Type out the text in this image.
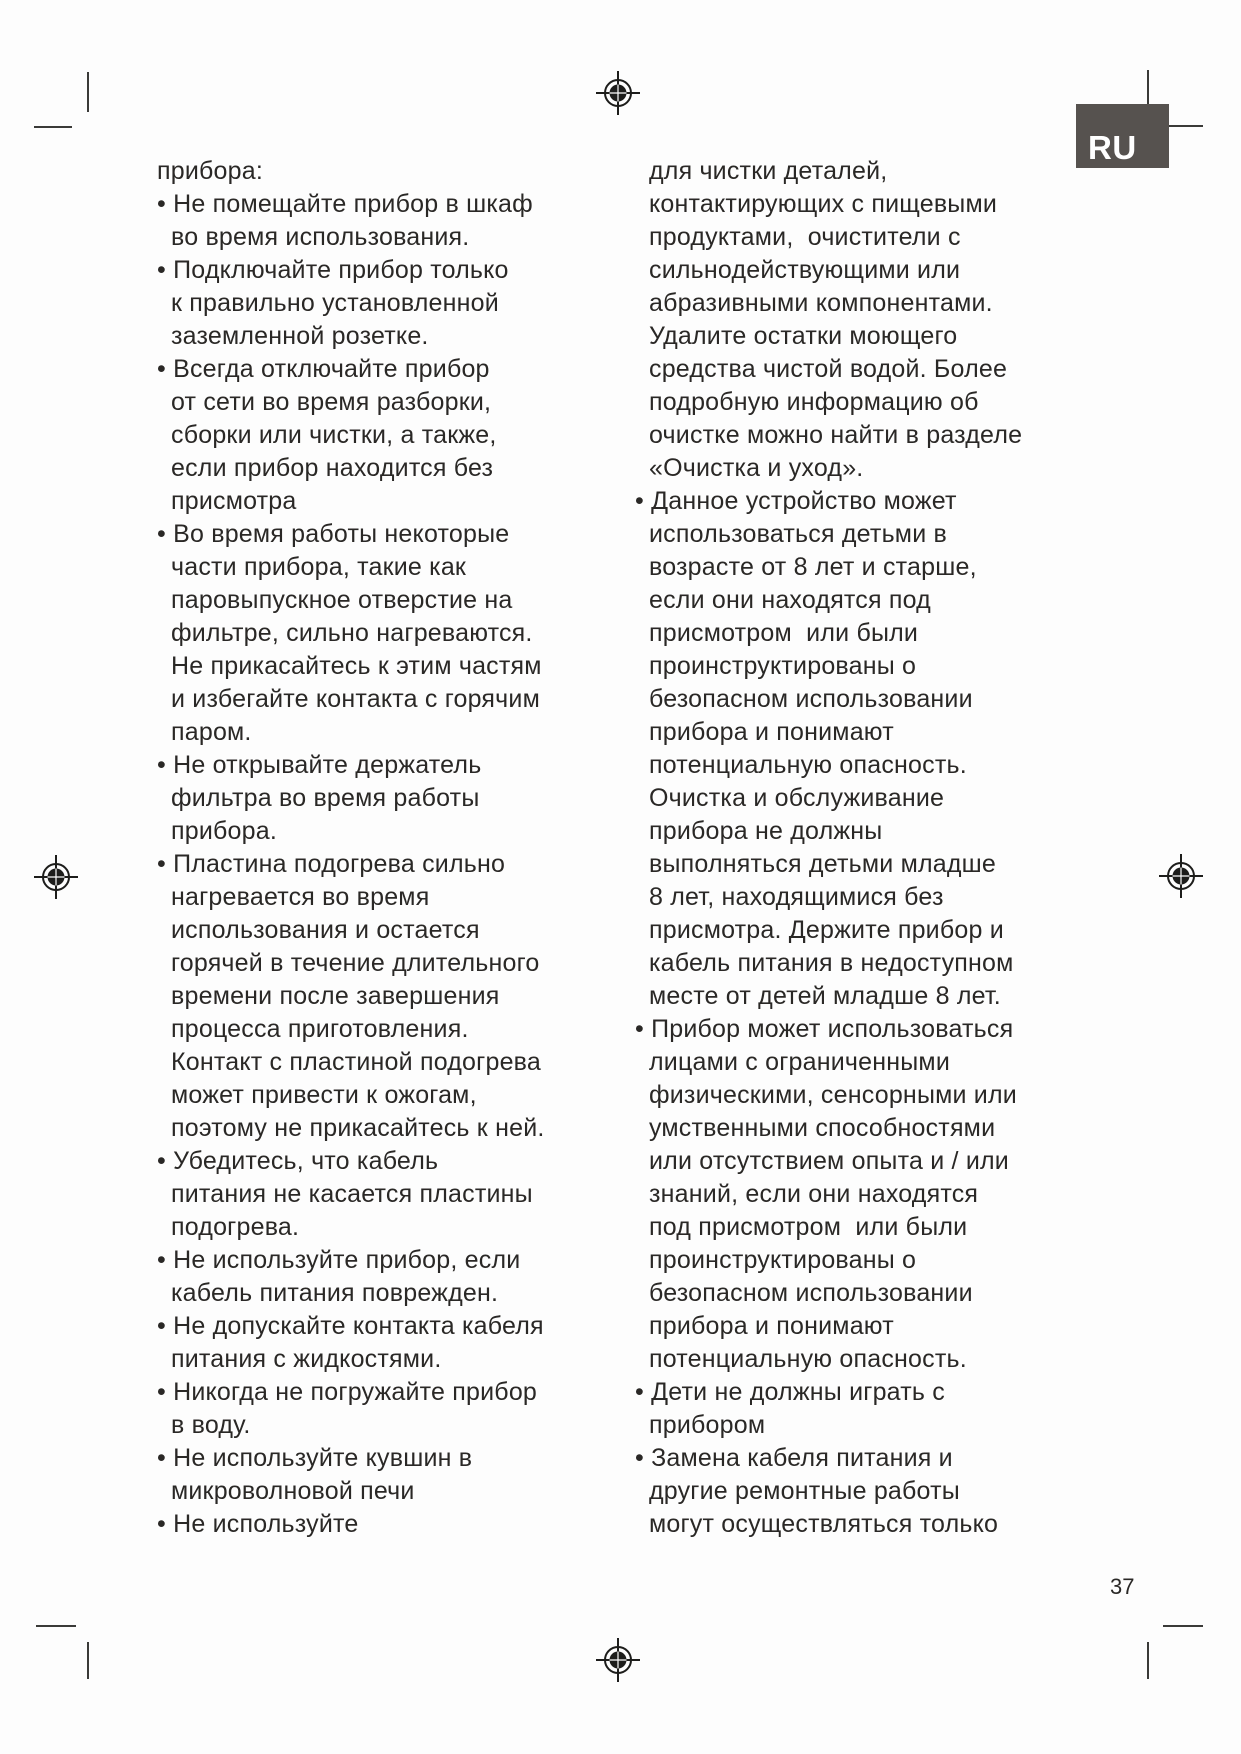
RU
прибора:
• Не помещайте прибор в шкаф
во время использования.
• Подключайте прибор только
к правильно установленной
заземленной розетке.
• Всегда отключайте прибор
от сети во время разборки,
сборки или чистки, а также,
если прибор находится без
присмотра
• Во время работы некоторые
части прибора, такие как
паровыпускное отверстие на
фильтре, сильно нагреваются.
Не прикасайтесь к этим частям
и избегайте контакта с горячим
паром.
• Не открывайте держатель
фильтра во время работы
прибора.
• Пластина подогрева сильно
нагревается во время
использования и остается
горячей в течение длительного
времени после завершения
процесса приготовления.
Контакт с пластиной подогрева
может привести к ожогам,
поэтому не прикасайтесь к ней.
• Убедитесь, что кабель
питания не касается пластины
подогрева.
• Не используйте прибор, если
кабель питания поврежден.
• Не допускайте контакта кабеля
питания с жидкостями.
• Никогда не погружайте прибор
в воду.
• Не используйте кувшин в
микроволновой печи
• Не используйте
для чистки деталей,
контактирующих с пищевыми
продуктами,  очистители с
сильнодействующими или
абразивными компонентами.
Удалите остатки моющего
средства чистой водой. Более
подробную информацию об
очистке можно найти в разделе
«Очистка и уход».
• Данное устройство может
использоваться детьми в
возрасте от 8 лет и старше,
если они находятся под
присмотром  или были
проинструктированы о
безопасном использовании
прибора и понимают
потенциальную опасность.
Очистка и обслуживание
прибора не должны
выполняться детьми младше
8 лет, находящимися без
присмотра. Держите прибор и
кабель питания в недоступном
месте от детей младше 8 лет.
• Прибор может использоваться
лицами с ограниченными
физическими, сенсорными или
умственными способностями
или отсутствием опыта и / или
знаний, если они находятся
под присмотром  или были
проинструктированы о
безопасном использовании
прибора и понимают
потенциальную опасность.
• Дети не должны играть с
прибором
• Замена кабеля питания и
другие ремонтные работы
могут осуществляться только
37
